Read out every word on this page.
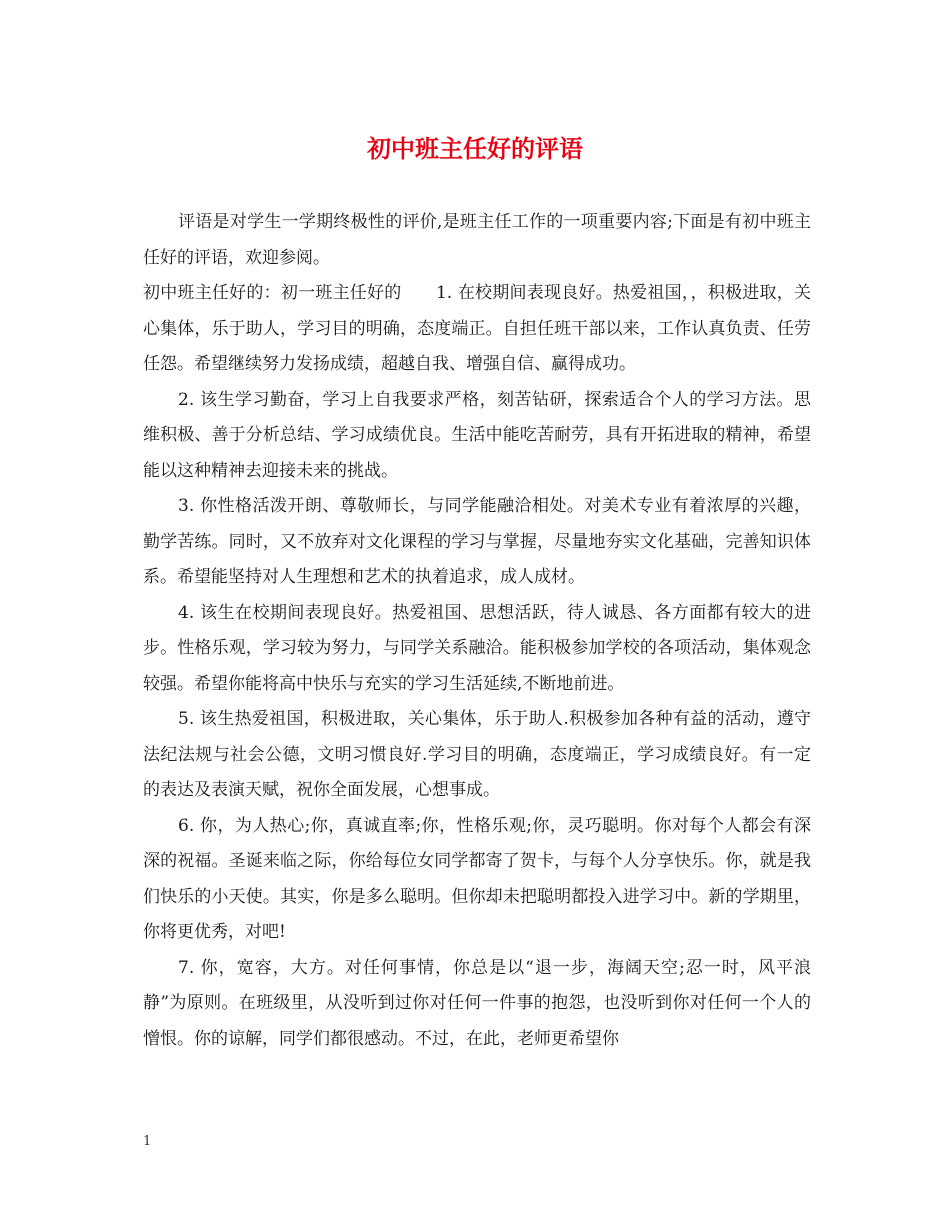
初中班主任好的评语

评语是对学生一学期终极性的评价,是班主任工作的一项重要内容;下面是有初中班主任好的评语，欢迎参阅。

初中班主任好的：初一班主任好的　　1. 在校期间表现良好。热爱祖国，，积极进取，关心集体，乐于助人，学习目的明确，态度端正。自担任班干部以来，工作认真负责、任劳任怨。希望继续努力发扬成绩，超越自我、增强自信、赢得成功。

2. 该生学习勤奋，学习上自我要求严格，刻苦钻研，探索适合个人的学习方法。思维积极、善于分析总结、学习成绩优良。生活中能吃苦耐劳，具有开拓进取的精神，希望能以这种精神去迎接未来的挑战。

3. 你性格活泼开朗、尊敬师长，与同学能融洽相处。对美术专业有着浓厚的兴趣，勤学苦练。同时，又不放弃对文化课程的学习与掌握，尽量地夯实文化基础，完善知识体系。希望能坚持对人生理想和艺术的执着追求，成人成材。

4. 该生在校期间表现良好。热爱祖国、思想活跃，待人诚恳、各方面都有较大的进步。性格乐观，学习较为努力，与同学关系融洽。能积极参加学校的各项活动，集体观念较强。希望你能将高中快乐与充实的学习生活延续,不断地前进。

5. 该生热爱祖国，积极进取，关心集体，乐于助人.积极参加各种有益的活动，遵守法纪法规与社会公德，文明习惯良好.学习目的明确，态度端正，学习成绩良好。有一定的表达及表演天赋，祝你全面发展，心想事成。

6. 你，为人热心;你，真诚直率;你，性格乐观;你，灵巧聪明。你对每个人都会有深深的祝福。圣诞来临之际，你给每位女同学都寄了贺卡，与每个人分享快乐。你，就是我们快乐的小天使。其实，你是多么聪明。但你却未把聪明都投入进学习中。新的学期里，你将更优秀，对吧!

7. 你，宽容，大方。对任何事情，你总是以“退一步，海阔天空;忍一时，风平浪静”为原则。在班级里，从没听到过你对任何一件事的抱怨，也没听到你对任何一个人的憎恨。你的谅解，同学们都很感动。不过，在此，老师更希望你

1
